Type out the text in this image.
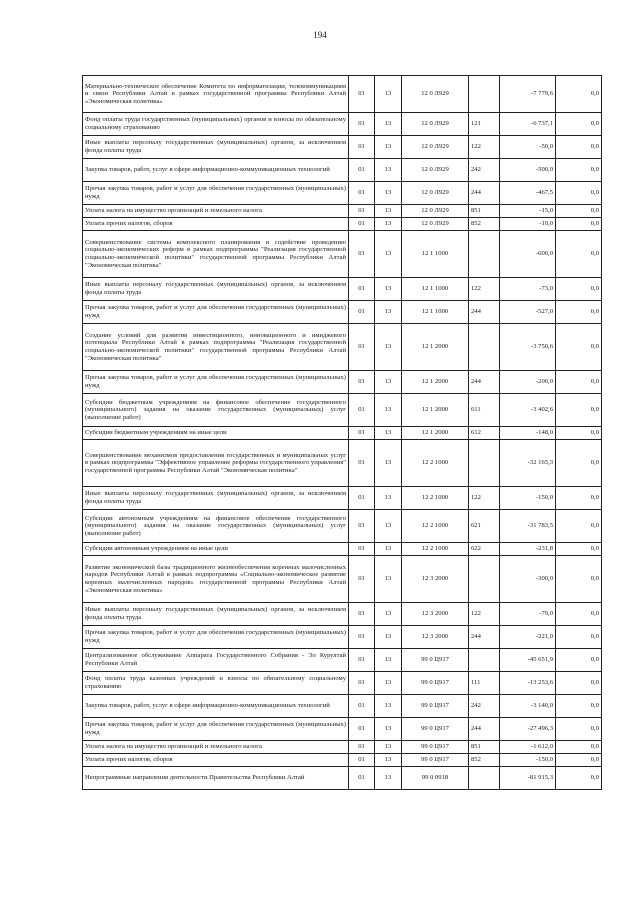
194
Материально-техническое обеспечение Комитета по информатизации, телекоммуникациям и связи Республики Алтай в рамках государственной программы Республики Алтай «Экономическая политика»	01	13	12 0 Л929		-7 779,6	0,0
Фонд оплаты труда государственных (муниципальных) органов и взносы по обязательному социальному страхованию	01	13	12 0 Л929	121	-6 737,1	0,0
Иные выплаты персоналу государственных (муниципальных) органов, за исключением фонда оплаты труда	01	13	12 0 Л929	122	-50,0	0,0
Закупка товаров, работ, услуг в сфере информационно-коммуникационных технологий	01	13	12 0 Л929	242	-500,0	0,0
Прочая закупка товаров, работ и услуг для обеспечения государственных (муниципальных) нужд	01	13	12 0 Л929	244	-467,5	0,0
Уплата налога на имущество организаций и земельного налога	01	13	12 0 Л929	851	-15,0	0,0
Уплата прочих налогов, сборов	01	13	12 0 Л929	852	-10,0	0,0
Совершенствование системы комплексного планирования и содействие проведению социально-экономических реформ в рамках подпрограммы "Реализация государственной социально-экономической политики" государственной программы Республики Алтай "Экономическая политика"	01	13	12 1 1000		-600,0	0,0
Иные выплаты персоналу государственных (муниципальных) органов, за исключением фонда оплаты труда	01	13	12 1 1000	122	-73,0	0,0
Прочая закупка товаров, работ и услуг для обеспечения государственных (муниципальных) нужд	01	13	12 1 1000	244	-527,0	0,0
Создание условий для развития инвестиционного, инновационного и имиджевого потенциала Республики Алтай в рамках подпрограммы "Реализация государственной социально-экономической политики" государственной программы Республики Алтай "Экономическая политика"	01	13	12 1 2000		-3 750,6	0,0
Прочая закупка товаров, работ и услуг для обеспечения государственных (муниципальных) нужд	01	13	12 1 2000	244	-200,0	0,0
Субсидии бюджетным учреждениям на финансовое обеспечение государственного (муниципального) задания на оказание государственных (муниципальных) услуг (выполнение работ)	01	13	12 1 2000	611	-3 402,6	0,0
Субсидии бюджетным учреждениям на иные цели	01	13	12 1 2000	612	-148,0	0,0
Совершенствование механизмов предоставления государственных и муниципальных услуг в рамках подпрограммы "Эффективное управление реформы государственного управления" государственной программы Республики Алтай "Экономическая политика"	01	13	12 2 1000		-32 165,3	0,0
Иные выплаты персоналу государственных (муниципальных) органов, за исключением фонда оплаты труда	01	13	12 2 1000	122	-150,0	0,0
Субсидии автономным учреждениям на финансовое обеспечение государственного (муниципального) задания на оказание государственных (муниципальных) услуг (выполнение работ)	01	13	12 2 1000	621	-31 783,5	0,0
Субсидии автономным учреждениям на иные цели	01	13	12 2 1000	622	-231,8	0,0
Развитие экономической базы традиционного жизнеобеспечения коренных малочисленных народов Республики Алтай в рамках подпрограммы «Социально-экономическое развитие коренных малочисленных народов» государственной программы Республики Алтай «Экономическая политика»	01	13	12 3 2000		-300,0	0,0
Иные выплаты персоналу государственных (муниципальных) органов, за исключением фонда оплаты труда	01	13	12 3 2000	122	-79,0	0,0
Прочая закупка товаров, работ и услуг для обеспечения государственных (муниципальных) нужд	01	13	12 3 2000	244	-221,0	0,0
Централизованное обслуживание Аппарата Государственного Собрания - Эл Курултай Республики Алтай	01	13	99 0 Ц917		-45 651,9	0,0
Фонд оплаты труда казенных учреждений и взносы по обязательному социальному страхованию	01	13	99 0 Ц917	111	-13 253,6	0,0
Закупка товаров, работ, услуг в сфере информационно-коммуникационных технологий	01	13	99 0 Ц917	242	-3 140,0	0,0
Прочая закупка товаров, работ и услуг для обеспечения государственных (муниципальных) нужд	01	13	99 0 Ц917	244	-27 496,3	0,0
Уплата налога на имущество организаций и земельного налога	01	13	99 0 Ц917	851	-1 612,0	0,0
Уплата прочих налогов, сборов	01	13	99 0 Ц917	852	-150,0	0,0
Непрограммные направления деятельности Правительства Республики Алтай	01	13	99 0 0918		-81 915,3	0,0
